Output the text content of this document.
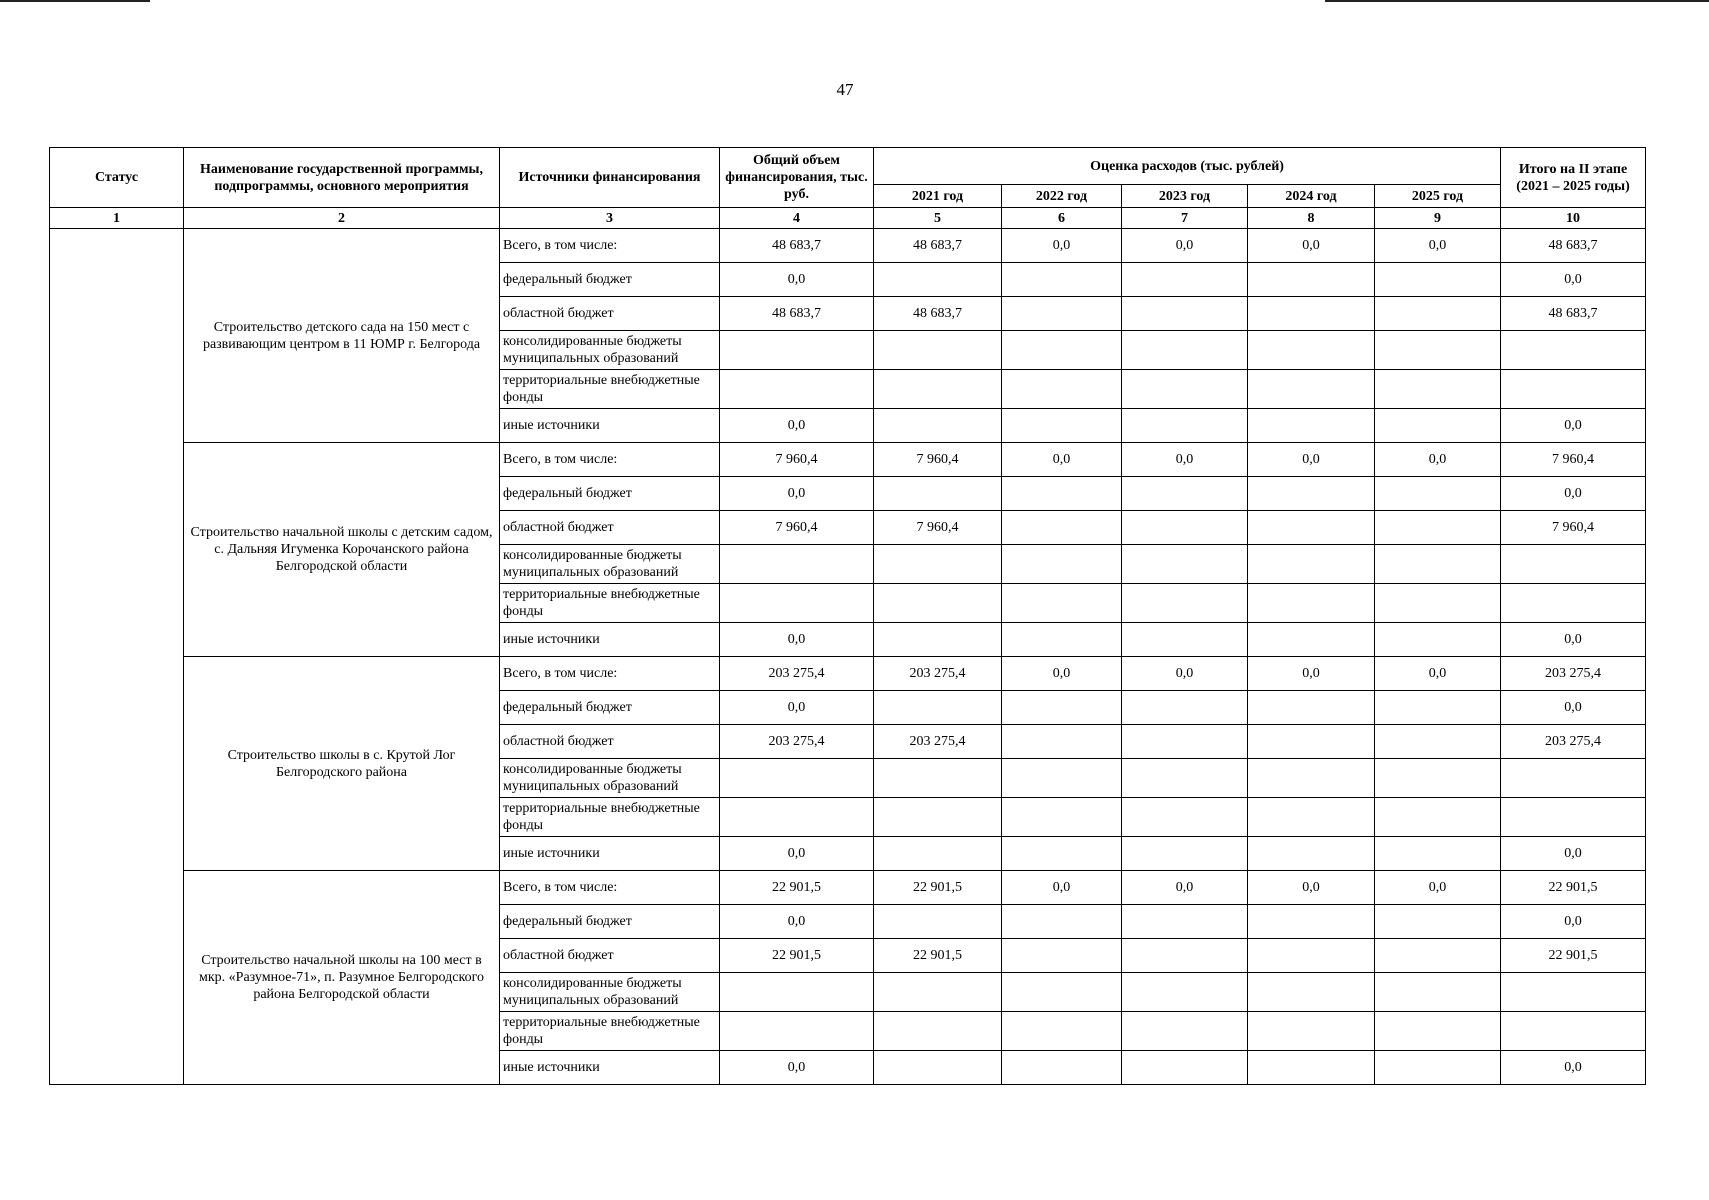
47
Статус	Наименование государственной программы, подпрограммы, основного мероприятия	Источники финансирования	Общий объем финансирования, тыс. руб.	Оценка расходов (тыс. рублей)					Итого на II этапе (2021 – 2025 годы)
				2021 год	2022 год	2023 год	2024 год	2025 год	
1	2	3	4	5	6	7	8	9	10
	Строительство детского сада на 150 мест с развивающим центром в 11 ЮМР г. Белгорода	Всего, в том числе:	48 683,7	48 683,7	0,0	0,0	0,0	0,0	48 683,7
		федеральный бюджет	0,0						0,0
		областной бюджет	48 683,7	48 683,7					48 683,7
		консолидированные бюджеты муниципальных образований							
		территориальные внебюджетные фонды							
		иные источники	0,0						0,0
	Строительство начальной школы с детским садом, с. Дальняя Игуменка Корочанского района Белгородской области	Всего, в том числе:	7 960,4	7 960,4	0,0	0,0	0,0	0,0	7 960,4
		федеральный бюджет	0,0						0,0
		областной бюджет	7 960,4	7 960,4					7 960,4
		консолидированные бюджеты муниципальных образований							
		территориальные внебюджетные фонды							
		иные источники	0,0						0,0
	Строительство школы в с. Крутой Лог Белгородского района	Всего, в том числе:	203 275,4	203 275,4	0,0	0,0	0,0	0,0	203 275,4
		федеральный бюджет	0,0						0,0
		областной бюджет	203 275,4	203 275,4					203 275,4
		консолидированные бюджеты муниципальных образований							
		территориальные внебюджетные фонды							
		иные источники	0,0						0,0
	Строительство начальной школы на 100 мест в мкр. «Разумное-71», п. Разумное Белгородского района Белгородской области	Всего, в том числе:	22 901,5	22 901,5	0,0	0,0	0,0	0,0	22 901,5
		федеральный бюджет	0,0						0,0
		областной бюджет	22 901,5	22 901,5					22 901,5
		консолидированные бюджеты муниципальных образований							
		территориальные внебюджетные фонды							
		иные источники	0,0						0,0
